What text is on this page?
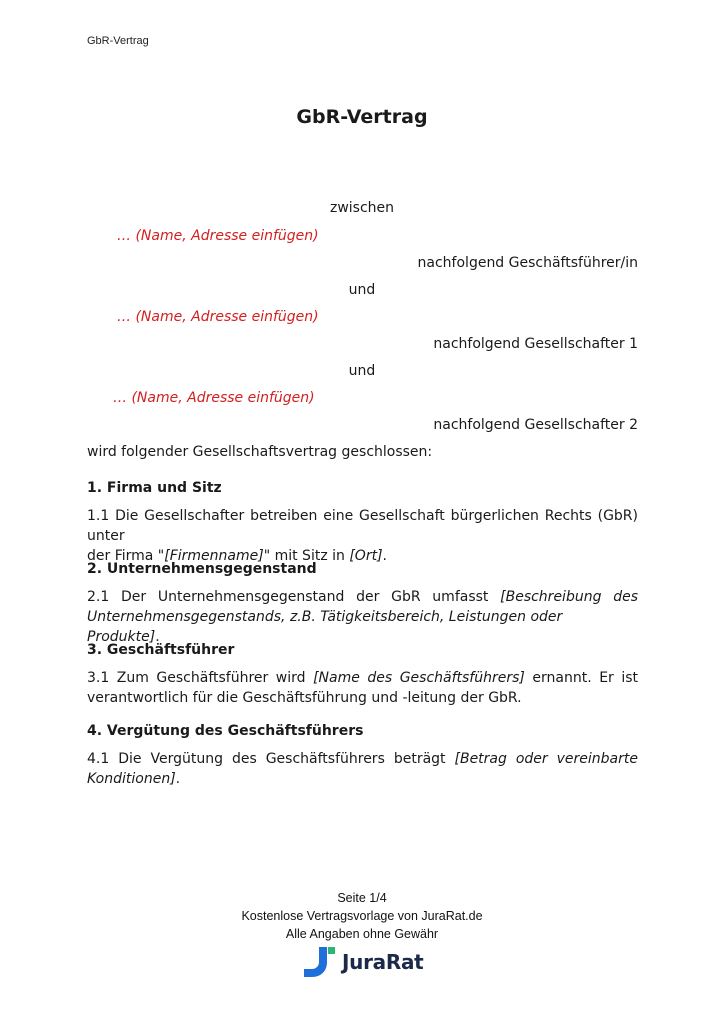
GbR-Vertrag
GbR-Vertrag
zwischen
… (Name, Adresse einfügen)
nachfolgend Geschäftsführer/in
und
… (Name, Adresse einfügen)
nachfolgend Gesellschafter 1
und
… (Name, Adresse einfügen)
nachfolgend Gesellschafter 2
wird folgender Gesellschaftsvertrag geschlossen:
1. Firma und Sitz
1.1 Die Gesellschafter betreiben eine Gesellschaft bürgerlichen Rechts (GbR) unter
der Firma "[Firmenname]" mit Sitz in [Ort].
2. Unternehmensgegenstand
2.1 Der Unternehmensgegenstand der GbR umfasst [Beschreibung des
Unternehmensgegenstands, z.B. Tätigkeitsbereich, Leistungen oder Produkte].
3. Geschäftsführer
3.1 Zum Geschäftsführer wird [Name des Geschäftsführers] ernannt. Er ist
verantwortlich für die Geschäftsführung und -leitung der GbR.
4. Vergütung des Geschäftsführers
4.1 Die Vergütung des Geschäftsführers beträgt [Betrag oder vereinbarte
Konditionen].
Seite 1/4
Kostenlose Vertragsvorlage von JuraRat.de
Alle Angaben ohne Gewähr
JuraRat
